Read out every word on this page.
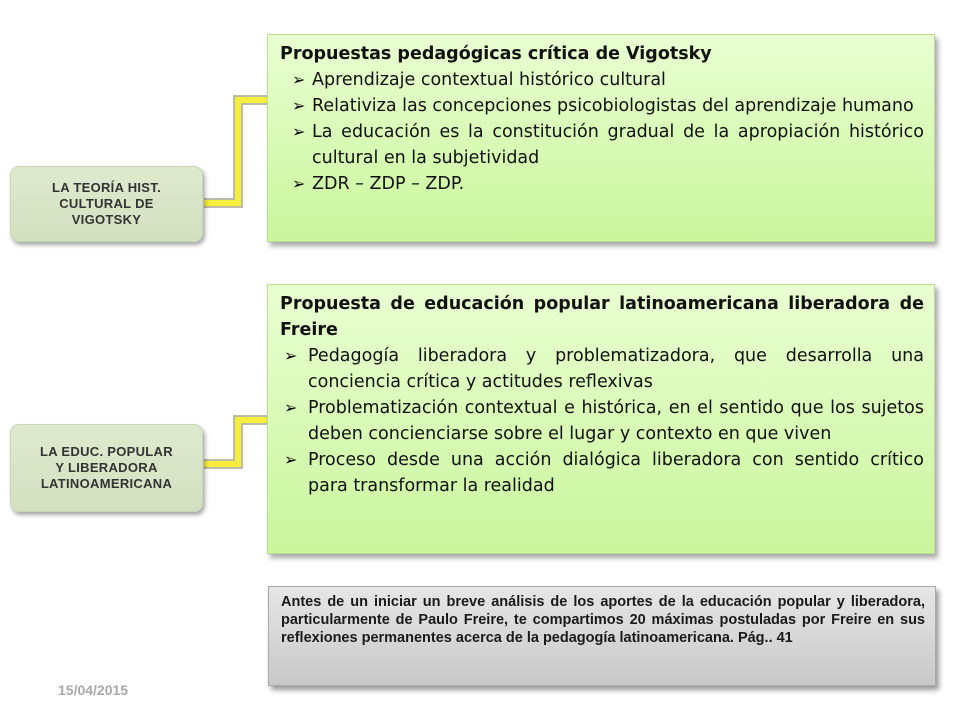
LA TEORÍA HIST.
CULTURAL DE
VIGOTSKY
LA EDUC. POPULAR
Y LIBERADORA
LATINOAMERICANA
Propuestas pedagógicas crítica de Vigotsky
➢ Aprendizaje contextual histórico cultural
➢ Relativiza las concepciones psicobiologistas del aprendizaje humano
➢ La educación es la constitución gradual de la apropiación histórico cultural en la subjetividad
➢ ZDR – ZDP – ZDP.
Propuesta de educación popular latinoamericana liberadora de Freire
➢ Pedagogía liberadora y problematizadora, que desarrolla una conciencia crítica y actitudes reflexivas
➢ Problematización contextual e histórica, en el sentido que los sujetos deben concienciarse sobre el lugar y contexto en que viven
➢ Proceso desde una acción dialógica liberadora con sentido crítico para transformar la realidad
Antes de un iniciar un breve análisis de los aportes de la educación popular y liberadora, particularmente de Paulo Freire, te compartimos 20 máximas postuladas por Freire en sus reflexiones permanentes acerca de la pedagogía latinoamericana. Pág.. 41
15/04/2015
